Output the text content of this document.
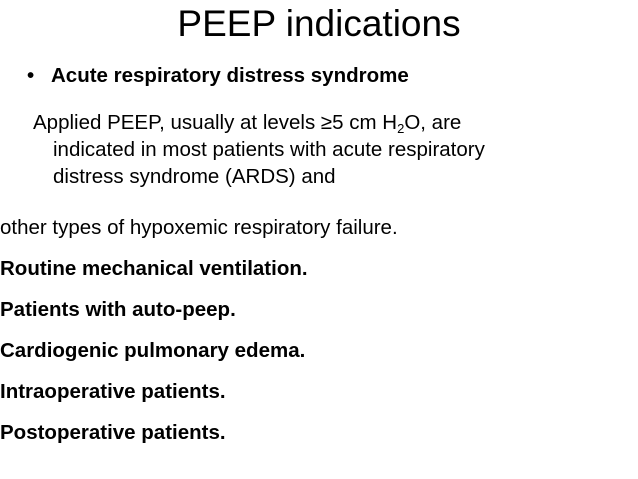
PEEP indications
• Acute respiratory distress syndrome
Applied PEEP, usually at levels ≥5 cm $H_2O$, are
indicated in most patients with acute respiratory
distress syndrome (ARDS) and
other types of hypoxemic respiratory failure.
Routine mechanical ventilation.
Patients with auto-peep.
Cardiogenic pulmonary edema.
Intraoperative patients.
Postoperative patients.
